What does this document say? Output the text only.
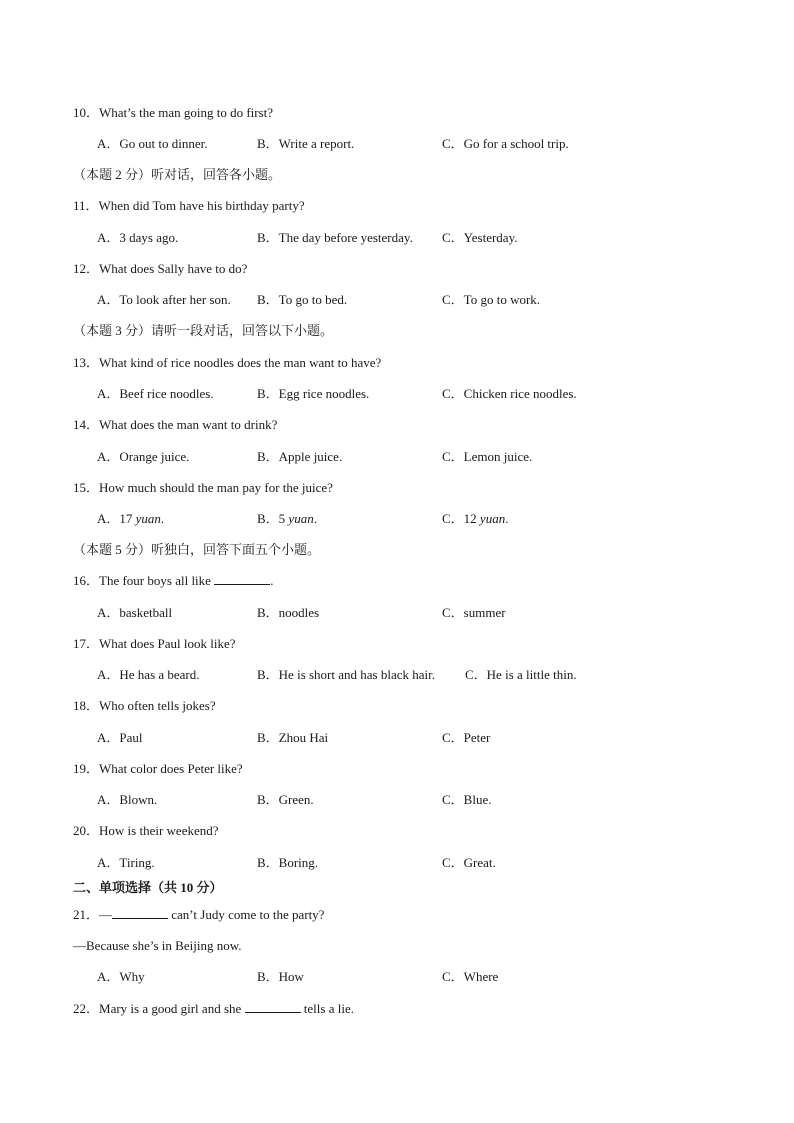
10．What’s the man going to do first?
A．Go out to dinner.	B．Write a report.	C．Go for a school trip.
（本题 2 分）听对话，回答各小题。
11．When did Tom have his birthday party?
A．3 days ago.	B．The day before yesterday. C．Yesterday.
12．What does Sally have to do?
A．To look after her son. B．To go to bed.	C．To go to work.
（本题 3 分）请听一段对话，回答以下小题。
13．What kind of rice noodles does the man want to have?
A．Beef rice noodles.	B．Egg rice noodles.	C．Chicken rice noodles.
14．What does the man want to drink?
A．Orange juice.	B．Apple juice.	C．Lemon juice.
15．How much should the man pay for the juice?
A．17 yuan.	B．5 yuan.	C．12 yuan.
（本题 5 分）听独白，回答下面五个小题。
16．The four boys all like	.
A．basketball	B．noodles	C．summer
17．What does Paul look like?
A．He has a beard.	B．He is short and has black hair. C．He is a little thin.
18．Who often tells jokes?
A．Paul	B．Zhou Hai	C．Peter
19．What color does Peter like?
A．Blown.	B．Green.	C．Blue.
20．How is their weekend?
A．Tiring.	B．Boring.	C．Great.
二、单项选择（共 10 分）
21．—	can’t Judy come to the party?
—Because she’s in Beijing now.
A．Why	B．How	C．Where
22．Mary is a good girl and she	tells a lie.
